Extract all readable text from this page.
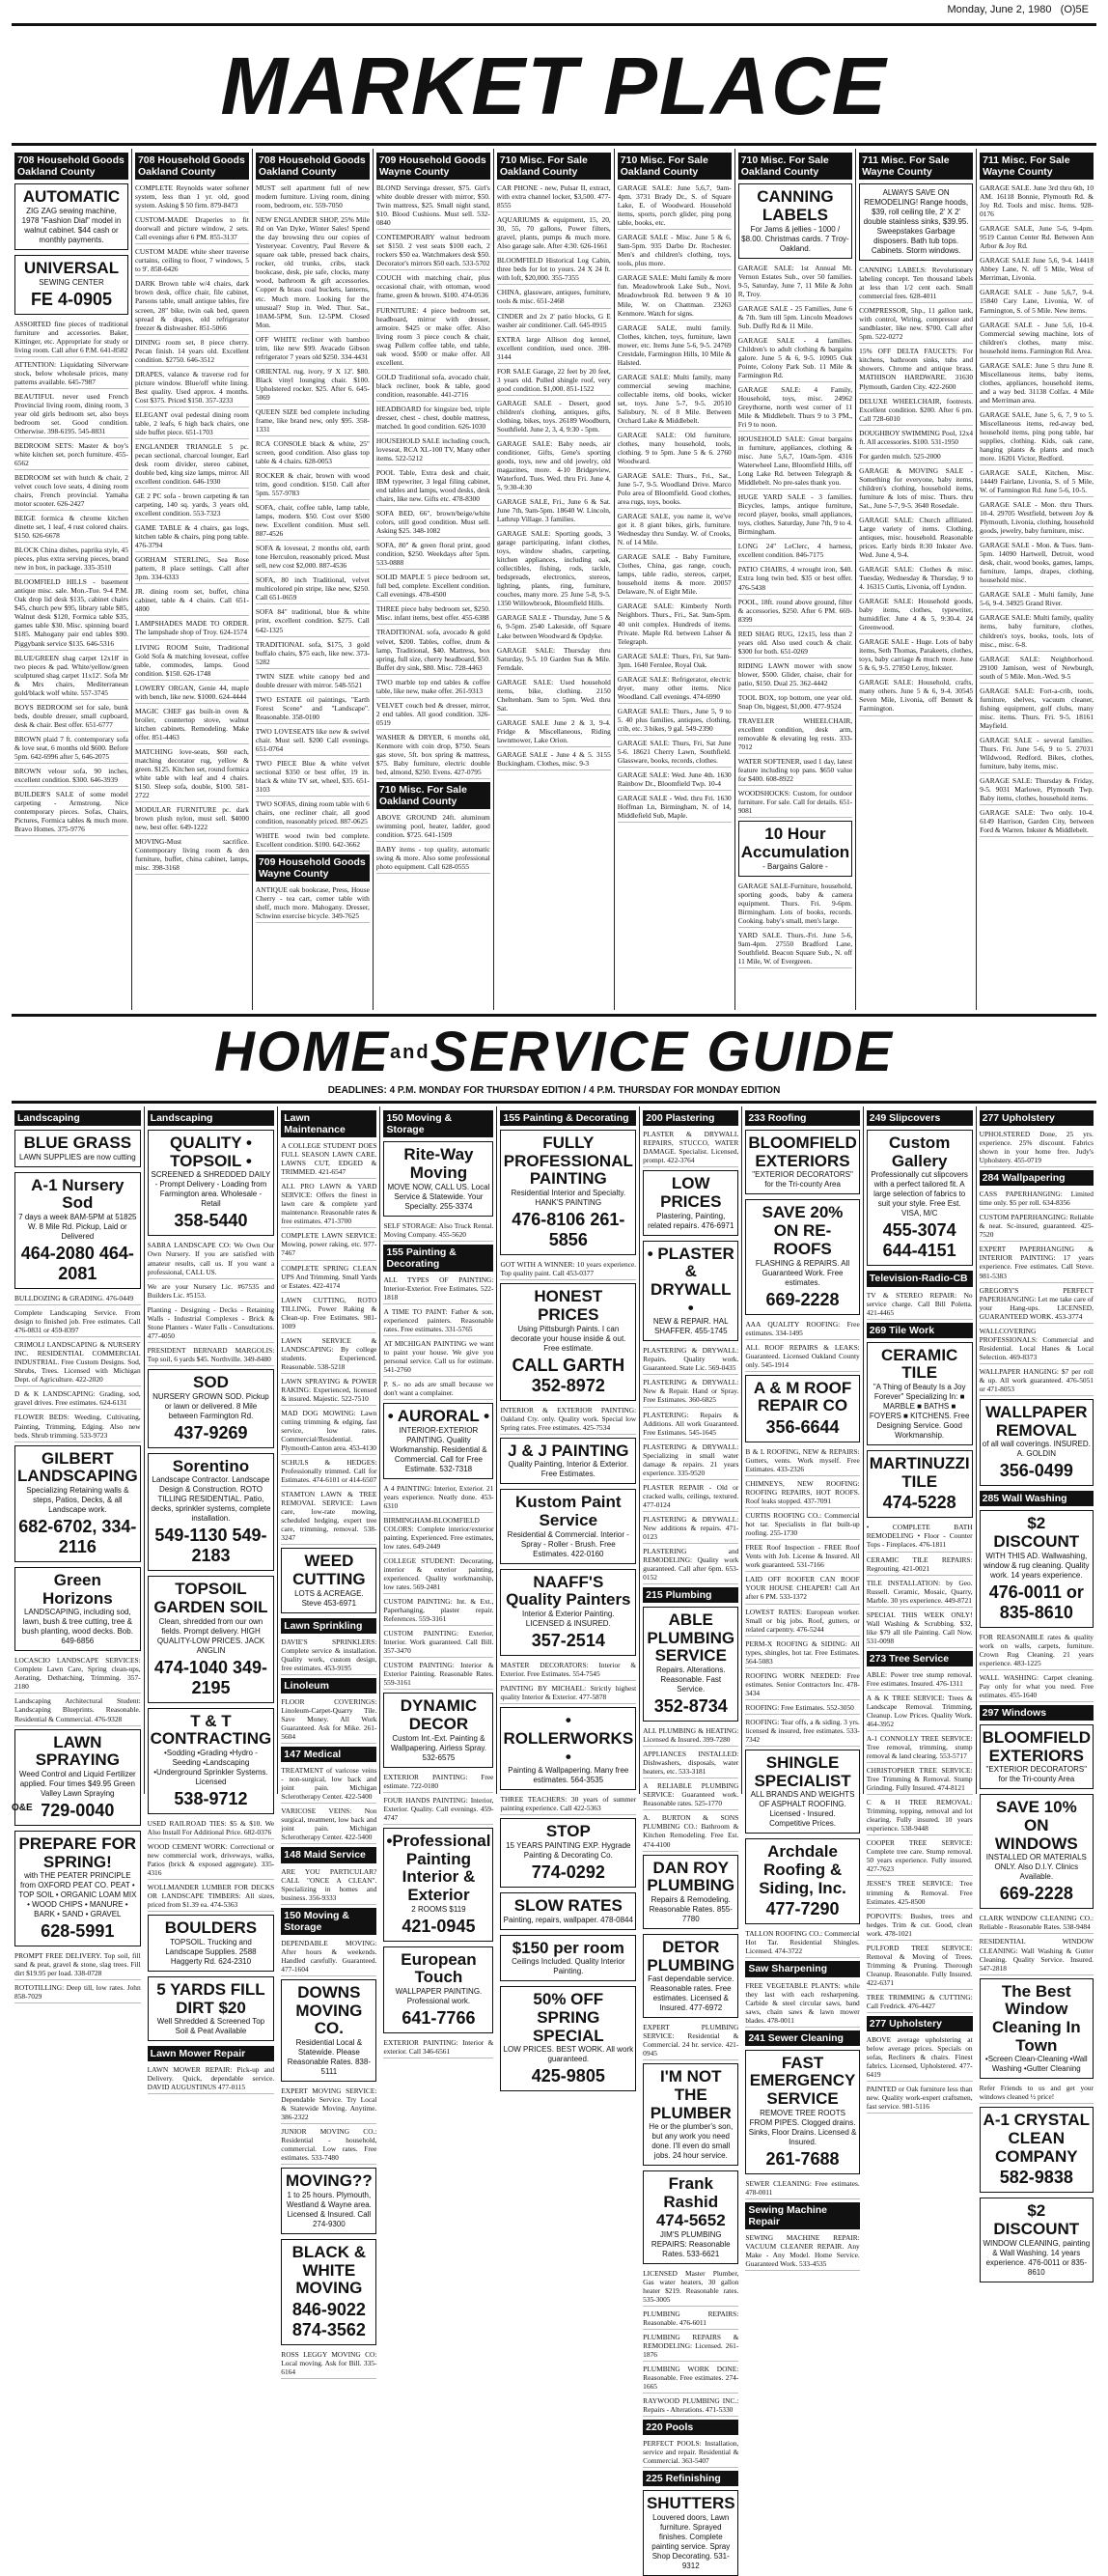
Monday, June 2, 1980 (O)5E
MARKET PLACE
708 Household Goods Oakland County
AUTOMATIC
ZIG ZAG sewing machine, 1978 "Fashion Dial" model in walnut cabinet. $44 cash or monthly payments.
UNIVERSAL
SEWING CENTER
FE 4-0905

ASSORTED fine pieces of traditional furniture and accessories. Baker, Kittinger, etc. Appropriate for study or living room. Call after 6 P.M. 641-8582

ATTENTION: Liquidating Silverware stock, below wholesale prices, many patterns available. 645-7987

BEAUTIFUL never used French Provincial living room, dining room, 3 year old girls bedroom set, also boys bedroom set. Good condition. Otherwise. 398-6195. 545-8831

BEDROOM SETS: Master & boy's white kitchen set, porch furniture. 455-6562

BEDROOM set with hutch & chair, 2 velvet couch love seats, 4 dining room chairs, French provincial. Yamaha motor scooter. 626-2427

BEIGE formica & chrome kitchen dinette set, 1 leaf, 4 rust colored chairs. $150. 626-6678

BLOCK China dishes, paprika style, 45 pieces, plus extra serving pieces, brand new in box, in package. 335-3510

BLOOMFIELD HILLS - basement antique misc. sale. Mon.-Tue. 9-4 P.M. Oak drop lid desk $135, cabinet chairs $45, church pew $95, library table $85, Walnut desk $120, Formica table $35, games table $30. Misc. spinning board $185. Mahogany pair end tables $90. Piggybank service $135. 646-5316

BLUE/GREEN shag carpet 12x18' in two pieces & pad. White/yellow/green sculptured shag carpet 11x12'. Sofa Mr & Mrs chairs, Mediterranean gold/black wolf white. 557-3745

BOYS BEDROOM set for sale, bunk beds, double dresser, small cupboard, desk & chair. Best offer. 651-6777

BROWN plaid 7 ft. contemporary sofa & love seat, 6 months old $600. Before 5pm. 642-6996 after 5, 646-2075

BROWN velour sofa, 90 inches, excellent condition. $300. 646-3939

BUILDER'S SALE of some model carpeting - Armstrong. Nice contemporary pieces. Sofas, Chairs, Pictures, Formica tables & much more. Bravo Homes. 375-9776

708 Household Goods Oakland County

COMPLETE Reynolds water softener system, less than 1 yr. old, good system. Asking $ 50 firm. 879-8473

CUSTOM-MADE Draperies to fit doorwall and picture window, 2 sets. Call evenings after 6 PM. 855-3137

CUSTOM MADE white sheer traverse curtains, ceiling to floor, 7 windows, 5 to 9'. 858-6426

DARK Brown table w/4 chairs, dark brown desk, office chair, file cabinet, Parsons table, small antique tables, fire screen, 28" bike, twin oak bed, queen spread & drapes, old refrigerator freezer & dishwasher. 851-5066

DINING room set, 8 piece cherry. Pecan finish. 14 years old. Excellent condition. $2750. 646-3512

DRAPES, valance & traverse rod for picture window. Blue/off white lining. Best quality. Used approx. 4 months. Cost $375. Priced $150. 357-3233

ELEGANT oval pedestal dining room table, 2 leafs, 6 high back chairs, one side buffet piece. 651-1703

ENGLANDER TRIANGLE 5 pc. pecan sectional, charcoal lounger, Earl desk room divider, stereo cabinet, double bed, king size lamps, mirror. All excellent condition. 646-1930

GE 2 PC sofa - brown carpeting & tan carpeting, 140 sq. yards, 3 years old, excellent condition. 553-7323

GAME TABLE & 4 chairs, gas logs, kitchen table & chairs, ping pong table. 476-3794

GORHAM STERLING, Sea Rose pattern, 8 place settings. Call after 3pm. 334-6333

JR. dining room set, buffet, china cabinet, table & 4 chairs. Call 651-4800

LAMPSHADES MADE TO ORDER. The lampshade shop of Troy. 624-1574

LIVING ROOM Suite, Traditional Gold Sofa & matching loveseat, coffee table, commodes, lamps. Good condition. $150. 626-1748

LOWERY ORGAN, Genie 44, maple with bench, like new. $1000. 624-4444

MAGIC CHEF gas built-in oven & broiler, countertop stove, walnut kitchen cabinets. Remodeling. Make offer. 851-4463

MATCHING love-seats, $60 each, matching decorator rug, yellow & green. $125. Kitchen set, round formica white table with leaf and 4 chairs. $150. Sleep sofa, double, $100. 581-2722

MODULAR FURNITURE pc. dark brown plush nylon, must sell. $4000 new, best offer. 649-1222

MOVING-Must sacrifice. Contemporary living room & den furniture, buffet, china cabinet, lamps, misc. 398-3168

708 Household Goods Oakland County

MUST sell apartment full of new modern furniture. Living room, dining room, bedroom, etc. 559-7050

NEW ENGLANDER SHOP, 25% Mile Rd on Van Dyke, Winter Sales! Spend the day browsing thru our copies of Yesteryear. Coventry, Paul Revere & square oak table, pressed back chairs, rocker, old trunks, cribs, stack bookcase, desk, pie safe, clocks, many wood, bathroom & gift accessories. Copper & brass coal buckets, lanterns, etc. Much more. Looking for the unusual? Stop in. Wed. Thur. Sat., 10AM-5PM, Sun. 12-5PM. Closed Mon.

OFF WHITE recliner with bamboo trim, like new $99. Avacado Gibson refrigerator 7 years old $250. 334-4431

ORIENTAL rug, ivory, 9' X 12'. $80. Black vinyl lounging chair. $100. Upholstered rocker. $25. After 6. 645-5069

QUEEN SIZE bed complete including frame, like brand new, only $95. 358-1331

RCA CONSOLE black & white, 25" screen, good condition. Also glass top table & 4 chairs. 628-0053

ROCKER & chair, brown with wood trim, good condition. $150. Call after 5pm. 557-9783

SOFA, chair, coffee table, lamp table, lamps, modern. $50. Cost over $500 new. Excellent condition. Must sell. 887-4526

SOFA & loveseat, 2 months old, earth tone Herculon, reasonably priced. Must sell, new cost $2,000. 887-4536

SOFA, 80 inch Traditional, velvet multicolored pin stripe, like new, $250. Call 651-0659

SOFA 84" traditional, blue & white print, excellent condition. $275. Call 642-1325

TRADITIONAL sofa, $175, 3 gold buffalo chairs, $75 each, like new. 373-5282

TWIN SIZE white canopy bed and double dresser with mirror. 548-5521

TWO ESTATE oil paintings, "Earth Forest Scene" and "Landscape". Reasonable. 358-0100

TWO LOVESEATS like new & swivel chair. Must sell. $200 Call evenings. 651-0764

TWO PIECE Blue & white velvet sectional $350 or best offer, 19 in. black & white TV set, wheel, $35. 651-3103

TWO SOFAS, dining room table with 6 chairs, one recliner chair, all good condition, reasonably priced. 887-0625

WHITE wood twin bed complete. Excellent condition. $100. 642-3662

709 Household Goods Wayne County

ANTIQUE oak bookcase, Press, House Cherry - tea cart, corner table with shelf, much more. Mahogany. Dresser, Schwinn exercise bicycle. 349-7625

709 Household Goods Wayne County

BLOND Servinga dresser, $75. Girl's white double dresser with mirror, $50. Twin mattress, $25. Small night stand, $10. Blood Cushions. Must sell. 532-0840

CONTEMPORARY walnut bedroom set $150. 2 vest seats $100 each, 2 rockers $50 ea. Watchmakers desk $50. Decorator's mirrors $50 each. 533-5702

COUCH with matching chair, plus occasional chair, with ottoman, wood frame, green & brown. $100. 474-0536

FURNITURE: 4 piece bedroom set, headboard, mirror with dresser, armoire. $425 or make offer. Also living room 3 piece couch & chair, swag Pullem coffee table, end table, oak wood. $500 or make offer. All excellent.

GOLD Traditional sofa, avocado chair, black recliner, book & table, good condition, reasonable. 441-2716

HEADBOARD for kingsize bed, triple dresser, chest - chest, double mattress, matched. In good condition. 626-1030

HOUSEHOLD SALE including couch, loveseat, RCA XL-100 TV, Many other items. 522-5212

POOL Table, Extra desk and chair, IBM typewriter, 3 legal filing cabinet, end tables and lamps, wood desks, desk chairs, like new. Gifts etc. 478-8300

SOFA BED, 66", brown/beige/white colors, still good condition. Must sell. Asking $25. 348-1082

SOFA, 80" & green floral print, good condition, $250. Weekdays after 5pm. 533-0888

SOLID MAPLE 5 piece bedroom set, full bed, complete. Excellent condition. Call evenings. 478-4500

THREE piece baby bedroom set, $250. Misc. infant items, best offer. 455-6388

TRADITIONAL sofa, avocado & gold velvet, $200. Tables, coffee, drum & lamp, Traditional, $40. Mattress, box spring, full size, cherry headboard, $50. Buffet dry sink, $80. Misc. 728-4463

TWO marble top end tables & coffee table, like new, make offer. 261-9313

VELVET couch bed & dresser, mirror, 2 end tables. All good condition. 326-0519

WASHER & DRYER, 6 months old, Kenmore with coin drop, $750. Sears gas stove, 5ft. box spring & mattress, $75. Baby furniture, electric double bed, almond, $250. Evens. 427-0795

710 Misc. For Sale Oakland County

ABOVE GROUND 24ft. aluminum swimming pool, heater, ladder, good condition. $725. 641-1509

BABY items - top quality, automatic swing & more. Also some professional photo equipment. Call 628-0555

710 Misc. For Sale Oakland County

CAR PHONE - new, Pulsar II, extract, with extra channel locker, $3,500. 477-8555

AQUARIUMS & equipment, 15, 20, 30, 55, 70 gallons, Power filters, gravel, plants, pumps & much more. Also garage sale. After 4:30. 626-1661

BLOOMFIELD Historical Log Cabin, three beds for lot to yours. 24 X 24 ft. with loft, $20,000. 355-7355

CHINA, glassware, antiques, furniture, tools & misc. 651-2468

CINDER and 2x 2' patio blocks, G E washer air conditioner. Call. 645-0915

EXTRA large Allison dog kennel, excellent condition, used once. 398-3144

FOR SALE Garage, 22 feet by 20 feet, 3 years old. Pulled shingle roof, very good condition. $1,000. 851-1522

GARAGE SALE - Desert, good children's clothing, antiques, gifts, clothing, bikes, toys. 26189 Woodburn, Southfield. June 2, 3, 4, 9:30 - 5pm.

GARAGE SALE: Baby needs, air conditioner, Gifts, Gene's sporting goods, toys, new and old jewelry, old magazines, more. 4-10 Bridgeview, Waterford. Tues. Wed. thru Fri. June 4, 5, 9:30-4:30

GARAGE SALE, Fri., June 6 & Sat. June 7th, 9am-5pm. 18640 W. Lincoln, Lathrup Village. 3 families.

GARAGE SALE: Sporting goods, 3 garage participating, infant clothes, toys, window shades, carpeting, kitchen appliances, including oak, collectibles, fishing, rods, tackle, bedspreads, electronics, stereos, lighting, plants, ring, furniture, couches, many more. 25 June 5-8, 9-5. 1350 Willowbrook, Bloomfield Hills.

GARAGE SALE - Thursday, June 5 & 6, 9-5pm. 2540 Lakeside, off Square Lake between Woodward & Opdyke.

GARAGE SALE: Thursday thru Saturday, 9-5. 10 Garden Sun & Mile. Ferndale.

GARAGE SALE: Used household items, bike, clothing. 2150 Cheltenham. 9am to 5pm. Wed. thru Sat.

GARAGE SALE June 2 & 3, 9-4. Fridge & Miscellaneous, Riding lawnmower, Lake Orion.

GARAGE SALE - June 4 & 5. 3155 Buckingham. Clothes, misc. 9-3

710 Misc. For Sale Oakland County

GARAGE SALE: June 5,6,7, 9am-4pm. 3731 Brady Dr., S. of Square Lake, E. of Woodward. Household items, sports, porch glider, ping pong table, books, etc.

GARAGE SALE - Misc. June 5 & 6, 9am-5pm. 935 Darbo Dr. Rochester. Men's and children's clothing, toys, tools, plus more.

GARAGE SALE: Multi family & more fun. Meadowbrook Lake Sub., Novi. Meadowbrook Rd. between 9 & 10 Mile, W. on Chattman. 23263 Kenmore. Watch for signs.

GARAGE SALE, multi family. Clothes, kitchen, toys, furniture, lawn mower, etc. Items June 5-6, 9-5. 24769 Crestdale, Farmington Hills, 10 Mile & Halsted.

GARAGE SALE: Multi family, many commercial sewing machine, collectable items, old books, wicker set, toys. June 5-7, 9-5. 20510 Salisbury, N. of 8 Mile. Between Orchard Lake & Middlebelt.

GARAGE SALE: Old furniture, clothes, many household, tools, clothing. 9 to 5pm. June 5 & 6. 2760 Woodward.

GARAGE SALE: Thurs., Fri., Sat., June 5-7, 9-5. Woodland Drive. Marco Polo area of Bloomfield. Good clothes, area rugs, toys, books.

GARAGE SALE, you name it, we've got it. 8 giant bikes, girls, furniture. Wednesday thru Sunday. W. of Crooks, N. of 14 Mile.

GARAGE SALE - Baby Furniture, Clothes, China, gas range, couch, lamps, table radio, stereos, carpet, household items & more. 20057 Delaware, N. of Eight Mile.

GARAGE SALE: Kimberly North Neighbors. Thurs., Fri., Sat. 9am-5pm. 40 unit complex. Hundreds of items. Private. Maple Rd. between Lahser & Telegraph.

GARAGE SALE: Thurs, Fri, Sat 9am-3pm. 1640 Fernlee, Royal Oak.

GARAGE SALE: Refrigerator, electric dryer, many other items. Nice Woodland. Call evenings. 474-6990

GARAGE SALE: Thurs., June 5, 9 to 5. 40 plus families, antiques, clothing, crib, etc. 3 bikes, 9 gal. 549-2390

GARAGE SALE: Thurs, Fri, Sat June 5-6. 18621 Cherry Lawn, Southfield. Glassware, books, records, clothes.

GARAGE SALE: Wed. June 4th. 1630 Rainbow Dr., Bloomfield Twp. 10-4

GARAGE SALE - Wed. thru Fri. 1630 Hoffman Ln, Birmingham, N. of 14, Middlefield Sub, Maple.

710 Misc. For Sale Oakland County
CANNING LABELS
For Jams & jellies - 1000 / $8.00. Christmas cards. 7 Troy-Oakland.

GARAGE SALE: 1st Annual Mt. Vernon Estates Sub., over 50 families. 9-5, Saturday, June 7, 11 Mile & John R, Troy.

GARAGE SALE - 25 Families, June 6 & 7th. 9am till 5pm. Lincoln Meadows Sub. Duffy Rd & 11 Mile.

GARAGE SALE - 4 families. Children's to adult clothing & bargains galore. June 5 & 6, 9-5. 10905 Oak Pointe, Colony Park Sub. 11 Mile & Farmington Rd.

GARAGE SALE: 4 Family, Household, toys, misc. 24962 Greythorne, north west corner of 11 Mile & Middlebelt. Thurs 9 to 3 PM., Fri 9 to noon.

HOUSEHOLD SALE: Great bargains in furniture, appliances, clothing & misc. June 5,6,7, 10am-5pm. 4316 Waterwheel Lane, Bloomfield Hills, off Long Lake Rd. between Telegraph & Middlebelt. No pre-sales thank you.

HUGE YARD SALE - 3 families. Bicycles, lamps, antique furniture, record player, books, small appliances, toys, clothes. Saturday, June 7th, 9 to 4. Birmingham.

LONG 24" LeClerc, 4 harness, excellent condition. 846-7175

PATIO CHAIRS, 4 wrought iron, $40. Extra long twin bed. $35 or best offer. 476-5438

POOL, 18ft. round above ground, filter & accessories, $250. After 6 PM. 669-8399

RED SHAG RUG, 12x15, less than 2 years old. Also used couch & chair. $300 for both. 651-0269

RIDING LAWN mower with snow blower, $500. Glider, chaise, chair for patio, $150. Dual 25. 362-4442

TOOL BOX, top bottom, one year old. Snap On, biggest, $1,000. 477-9524

TRAVELER WHEELCHAIR, excellent condition, desk arm, removable & elevating leg rests. 333-7012

WATER SOFTENER, used 1 day, latest feature including top pans. $650 value for $400. 608-8922

WOODSHOCKS: Custom, for outdoor furniture. For sale. Call for details. 651-9081

10 Hour Accumulation
- Bargains Galore -

GARAGE SALE-Furniture, household, sporting goods, baby & camera equipment. Thurs. Fri. 9-6pm. Birmingham. Lots of books, records. Cooking. baby's small, men's large.

YARD SALE. Thurs.-Fri. June 5-6, 9am-4pm. 27550 Bradford Lane, Southfield. Beacon Square Sub., N. off 11 Mile, W. of Evergreen.

711 Misc. For Sale Wayne County
ALWAYS SAVE ON REMODELING! Range hoods, $39, roll ceiling tile, 2' X 2' double stainless sinks, $39.95. Sweepstakes Garbage disposers. Bath tub tops. Cabinets. Storm windows.

CANNING LABELS: Revolutionary labeling concept. Ten thousand labels at less than 1/2 cent each. Small commercial fees. 628-4011

COMPRESSOR, 5hp., 11 gallon tank, with control, Wiring, compressor and sandblaster, like new. $700. Call after 5pm. 522-0272

15% OFF DELTA FAUCETS: For kitchens, bathroom sinks, tubs and showers. Chrome and antique brass. MATHISON HARDWARE. 31630 Plymouth, Garden City. 422-2600

DELUXE WHEELCHAIR, footrests. Excellent condition. $200. After 6 pm. Call 728-6010

DOUGHBOY SWIMMING Pool, 12x4 ft. All accessories. $100. 531-1950

For garden mulch. 525-2000

GARAGE & MOVING SALE - Something for everyone, baby items, children's clothing, household items, furniture & lots of misc. Thurs. thru Sat., June 5-7, 9-5. 3640 Rosedale.

GARAGE SALE: Church affiliated. Large variety of items. Clothing, antiques, misc. household. Reasonable prices. Early birds 8:30 Inkster Ave. Wed. June 4, 9-4.

GARAGE SALE: Clothes & misc. Tuesday, Wednesday & Thursday, 9 to 4. 16315 Curtis, Livonia, off Lyndon.

GARAGE SALE: Household goods, baby items, clothes, typewriter, humidifier. June 4 & 5, 9:30-4. 24 Greenwood.

GARAGE SALE - Huge. Lots of baby items, Seth Thomas, Parakeets, clothes, toys, baby carriage & much more. June 5 & 6, 9-5. 27850 Leroy, Inkster.

GARAGE SALE: Household, crafts, many others. June 5 & 6, 9-4. 30545 Seven Mile, Livonia, off Bennett & Farmington.

711 Misc. For Sale Wayne County

GARAGE SALE. June 3rd thru 6th, 10 AM. 16118 Bonnie, Plymouth Rd. & Joy Rd. Tools and misc. Items. 928-0176

GARAGE SALE, June 5-6, 9-4pm. 9519 Canton Center Rd. Between Ann Arbor & Joy Rd.

GARAGE SALE June 5,6, 9-4. 14418 Abbey Lane, N. off 5 Mile, West of Merriman, Livonia.

GARAGE SALE - June 5,6,7, 9-4. 15840 Cary Lane, Livonia, W. of Farmington, S. of 5 Mile. New items.

GARAGE SALE - June 5,6, 10-4. Commercial sewing machine, lots of children's clothes, many misc. household items. Farmington Rd. Area.

GARAGE SALE: June 5 thru June 8. Miscellaneous items, baby items, clothes, appliances, household items, and a way bed. 31138 Colfax. 4 Mile and Merriman area.

GARAGE SALE, June 5, 6, 7, 9 to 5. Miscellaneous items, red-away bed, household items, ping pong table, bar supplies, clothing. Kids, oak cane, hanging plants & plants and much more. 16201 Victor, Redford.

GARAGE SALE, Kitchen, Misc. 14449 Fairlane, Livonia, S. of 5 Mile, W. of Farmington Rd. June 5-6, 10-5.

GARAGE SALE - Mon. thru Thurs. 10-4. 29705 Westfield, between Joy & Plymouth, Livonia, clothing, household goods, jewelry, baby furniture, misc.

GARAGE SALE - Mon. & Tues. 9am-5pm. 14090 Hartwell, Detroit, wood desk, chair, wood books, games, lamps, furniture, lamps, drapes, clothing, household misc.

GARAGE SALE - Multi family, June 5-6, 9-4. 34925 Grand River.

GARAGE SALE: Multi family, quality items, baby furniture, clothes, children's toys, books, tools, lots of misc., misc. 6-8.

GARAGE SALE: Neighborhood. 29100 Jamison, west of Newburgh, south of 5 Mile. Mon.-Wed. 9-5

GARAGE SALE: Fort-a-crib, tools, furniture, shelves, vacuum cleaner, fishing equipment, golf clubs, many misc. items. Thurs. Fri. 9-5. 18161 Mayfield.

GARAGE SALE - several families. Thurs. Fri. June 5-6, 9 to 5. 27031 Wildwood, Redford. Bikes, clothes, furniture, baby items, misc.

GARAGE SALE: Thursday & Friday, 9-5. 9031 Marlowe, Plymouth Twp. Baby items, clothes, household items.

GARAGE SALE: Two only. 10-4. 6149 Harrison, Garden City, between Ford & Warren. Inkster & Middlebelt.

$HOME^{and}SERVICE$ GUIDE
DEADLINES: 4 P.M. MONDAY FOR THURSDAY EDITION / 4 P.M. THURSDAY FOR MONDAY EDITION
Landscaping
BLUE GRASS
LAWN SUPPLIES are now cutting
A-1 Nursery Sod
7 days a week 8AM-5PM at 51825 W. 8 Mile Rd. Pickup, Laid or Delivered
464-2080 464-2081

BULLDOZING & GRADING. 476-0449

Complete Landscaping Service. From design to finished job. Free estimates. Call 476-0831 or 459-8397

CRIMOLI LANDSCAPING & NURSERY INC. RESIDENTIAL COMMERCIAL INDUSTRIAL. Free Custom Designs. Sod, Shrubs, Trees. Licensed with Michigan Dept. of Agriculture. 422-2020

D & K LANDSCAPING: Grading, sod, gravel drives. Free estimates. 624-6131

FLOWER BEDS: Weeding, Cultivating, Painting, Trimming, Edging. Also new beds. Shrub trimming. 533-9723

GILBERT LANDSCAPING
Specializing Retaining walls & steps, Patios, Decks, & all Landscape work.
682-6702, 334-2116
Green Horizons
LANDSCAPING, including sod, lawn, bush & tree cutting, tree & bush planting, wood decks. Bob. 649-6856

LOCASCIO LANDSCAPE SERVICES: Complete Lawn Care, Spring clean-ups, Aerating, Dethatching, Trimming. 357-2180

Landscaping Architectural Student: Landscaping Blueprints. Reasonable. Residential & Commercial. 476-9328

LAWN SPRAYING
Weed Control and Liquid Fertilizer applied. Four times $49.95 Green Valley Lawn Spraying
729-0040
PREPARE FOR SPRING!
with THE PEATER PRINCIPLE from OXFORD PEAT CO. PEAT • TOP SOIL • ORGANIC LOAM MIX • WOOD CHIPS • MANURE • BARK • SAND • GRAVEL
628-5991

PROMPT FREE DELIVERY. Top soil, fill sand & peat, gravel & stone, slag trees. Fill dirt $19.95 per load. 338-0728

ROTOTILLING: Deep till, low rates. John 858-7029

Landscaping
QUALITY • TOPSOIL •
SCREENED & SHREDDED DAILY - Prompt Delivery - Loading from Farmington area. Wholesale - Retail
358-5440

SABRA LANDSCAPE CO: We Own Our Own Nursery. If you are satisfied with amateur results, call us. If you want a professional, CALL US.

We are your Nursery Lic. #67535 and Builders Lic. #5153.

Planting - Designing - Decks - Retaining Walls - Industrial Complexes - Brick & Stone Planters - Water Falls - Consultations. 477-4050

PRESIDENT BERNARD MARGOLIS: Top soil, 6 yards $45. Northville. 349-8480

SOD
NURSERY GROWN SOD. Pickup or lawn or delivered. 8 Mile between Farmington Rd.
437-9269
Sorentino
Landscape Contractor. Landscape Design & Construction. ROTO TILLING RESIDENTIAL. Patio, decks, sprinkler systems, complete installation.
549-1130 549-2183
TOPSOIL GARDEN SOIL
Clean, shredded from our own fields. Prompt delivery. HIGH QUALITY-LOW PRICES. JACK ANGLIN
474-1040 349-2195
T & T CONTRACTING
•Sodding •Grading •Hydro - Seeding •Landscaping •Underground Sprinkler Systems. Licensed
538-9712

USED RAILROAD TIES: $5 & $10. We Also Install For Additional Price. 682-0376

WOOD CEMENT WORK: Correctional or new commercial work, driveways, walks, Patios (brick & exposed aggregate). 335-4316

WOLLMANDER LUMBER FOR DECKS OR LANDSCAPE TIMBERS: All sizes, priced from $1.39 ea. 474-5363

BOULDERS
TOPSOIL. Trucking and Landscape Supplies. 2588 Haggerty Rd. 624-2310
5 YARDS FILL DIRT $20
Well Shredded & Screened Top Soil & Peat Available
Lawn Mower Repair

LAWN MOWER REPAIR: Pick-up and Delivery. Quick, dependable service. DAVID AUGUSTINUS 477-0115

Lawn Maintenance

A COLLEGE STUDENT DOES FULL SEASON LAWN CARE. LAWNS CUT, EDGED & TRIMMED. 421-6547

ALL PRO LAWN & YARD SERVICE: Offers the finest in lawn care & complete yard maintenance. Reasonable rates & free estimates. 471-3700

COMPLETE LAWN SERVICE: Mowing, power raking, etc. 977-7467

COMPLETE SPRING CLEAN UPS And Trimming. Small Yards or Estates. 422-4174

LAWN CUTTING, ROTO TILLING, Power Raking & Clean-up. Free Estimates. 981-1009

LAWN SERVICE & LANDSCAPING: By college students. Experienced. Reasonable. 538-5218

LAWN SPRAYING & POWER RAKING: Experienced, licensed & insured. Majestic. 522-7510

MAD DOG MOWING: Lawn cutting trimming & edging, fast service, low rates. Commercial/Residential. Plymouth-Canton area. 453-4130

SCHULS & HEDGES: Professionally trimmed. Call for Estimates. 474-6101 or 414-6507

STAMTON LAWN & TREE REMOVAL SERVICE: Lawn care, low-rate mowing, scheduled hedging, expert tree care, trimming, removal. 538-3247

WEED CUTTING
LOTS & ACREAGE. Steve 453-6971
Lawn Sprinkling

DAVIE'S SPRINKLERS: Complete service & installation. Quality work, custom design, free estimates. 453-9195

Linoleum

FLOOR COVERINGS: Linoleum-Carpet-Quarry Tile. Save Money. All Work Guaranteed. Ask for Mike. 261-5604

147 Medical

TREATMENT of varicose veins - non-surgical, low back and joint pain. Michigan Sclerotherapy Center. 422-5400

VARICOSE VEINS: Non surgical, treatment, low back and joint pain. Michigan Sclerotherapy Center. 422-5400

148 Maid Service

ARE YOU PARTICULAR? CALL "ONCE A CLEAN". Specializing in homes and business. 356-9333

150 Moving & Storage

DEPENDABLE MOVING: After hours & weekends. Handled carefully. Guaranteed. 477-1604

DOWNS MOVING CO.
Residential Local & Statewide. Please Reasonable Rates. 838-5111

EXPERT MOVING SERVICE: Dependable Service. Try Local & Statewide Moving. Anytime. 386-2322

JUNIOR MOVING CO.: Residential - household, commercial. Low rates. Free estimates. 533-7480

MOVING??
1 to 25 hours. Plymouth, Westland & Wayne area. Licensed & Insured. Call 274-9300
BLACK & WHITE MOVING
846-9022 874-3562

ROSS LEGGY MOVING CO: Local moving. Ask for Bill. 335-6164

150 Moving & Storage
Rite-Way Moving
MOVE NOW, CALL US. Local Service & Statewide. Your Specialty. 255-3374

SELF STORAGE: Also Truck Rental. Moving Company. 455-5620

155 Painting & Decorating

ALL TYPES OF PAINTING: Interior-Exterior. Free Estimates. 522-1818

A TIME TO PAINT: Father & son, experienced painters. Reasonable rates. Free estimates. 331-5765

AT MICHIGAN PAINTING we want to paint your house. We give you personal service. Call us for estimate. 541-2760

P. S.- no ads are small because we don't want a complainer.

• AURORAL •
INTERIOR-EXTERIOR PAINTING. Quality Workmanship. Residential & Commercial. Call for Free Estimate. 532-7318

A 4 PAINTING: Interior, Exterior. 21 years experience. Neatly done. 453-6310

BIRMINGHAM-BLOOMFIELD COLORS: Complete interior/exterior painting. Experienced. Free estimates, low rates. 649-2449

COLLEGE STUDENT: Decorating, interior & exterior painting, experienced. Quality workmanship, low rates. 569-2481

CUSTOM PAINTING: Int. & Ext., Paperhanging, plaster repair. References. 559-3161

CUSTOM PAINTING: Exterior, Interior. Work guaranteed. Call Bill. 357-3470

CUSTOM PAINTING: Interior & Exterior Painting. Reasonable Rates. 559-3161

DYNAMIC DECOR
Custom Int.-Ext. Painting & Wallpapering. Airless Spray. 532-6575

EXTERIOR PAINTING: Free estimate. 722-0180

FOUR HANDS PAINTING: Interior, Exterior. Quality. Call evenings. 459-4747

•Professional Painting Interior & Exterior
2 ROOMS $119
421-0945
European Touch
WALLPAPER PAINTING. Professional work.
641-7766

EXTERIOR PAINTING: Interior & exterior. Call 346-6561

155 Painting & Decorating
FULLY PROFESSIONAL PAINTING
Residential Interior and Specialty. HANK'S PAINTING
476-8106 261-5856

GOT WITH A WINNER: 10 years experience. Top quality paint. Call 453-0377

HONEST PRICES
Using Pittsburgh Paints. I can decorate your house inside & out. Free estimate.
CALL GARTH 352-8972

INTERIOR & EXTERIOR PAINTING: Oakland Cty. only. Quality work. Special low Spring rates. Free estimates. 425-7534

J & J PAINTING
Quality Painting, Interior & Exterior. Free Estimates.
Kustom Paint Service
Residential & Commercial. Interior - Spray - Roller - Brush. Free Estimates. 422-0160
NAAFF'S Quality Painters
Interior & Exterior Painting. LICENSED & INSURED.
357-2514

MASTER DECORATORS: Interior & Exterior. Free Estimates. 554-7545

PAINTING BY MICHAEL: Strictly highest quality Interior & Exterior. 477-5878

• ROLLERWORKS •
Painting & Wallpapering. Many free estimates. 564-3535

THREE TEACHERS: 30 years of summer painting experience. Call 422-5363

STOP
15 YEARS PAINTING EXP. Hygrade Painting & Decorating Co.
774-0292
SLOW RATES
Painting, repairs, wallpaper. 478-0844
$150 per room
Ceilings Included. Quality Interior Painting.
50% OFF SPRING SPECIAL
LOW PRICES. BEST WORK. All work guaranteed.
425-9805
200 Plastering

PLASTER & DRYWALL REPAIRS, STUCCO, WATER DAMAGE. Specialist. Licensed, prompt. 422-3764

LOW PRICES
Plastering, Painting, related repairs. 476-6971
• PLASTER & DRYWALL •
NEW & REPAIR. HAL SHAFFER. 455-1745

PLASTERING & DRYWALL: Repairs. Quality work. Guaranteed. State Lic. 569-0435

PLASTERING & DRYWALL: New & Repair. Hand or Spray. Free Estimates. 360-6825

PLASTERING: Repairs & Additions. All work Guaranteed. Free Estimates. 545-1645

PLASTERING & DRYWALL: Specializing in small water damage & repairs. 21 years experience. 335-9520

PLASTER REPAIR - Old or cracked walls, ceilings, textured. 477-0124

PLASTERING & DRYWALL: New additions & repairs. 471-0123

PLASTERING and REMODELING: Quality work guaranteed. Call after 6pm. 653-0152

215 Plumbing
ABLE PLUMBING SERVICE
Repairs. Alterations. Reasonable. Fast Service.
352-8734

ALL PLUMBING & HEATING: Licensed & Insured. 399-7280

APPLIANCES INSTALLED: Dishwashers, disposals, water heaters, etc. 533-3181

A RELIABLE PLUMBING SERVICE: Guaranteed work. Reasonable rates. 525-1770

A. BURTON & SONS PLUMBING CO.: Bathroom & Kitchen Remodeling. Free Est. 474-4100

DAN ROY PLUMBING
Repairs & Remodeling. Reasonable Rates. 855-7780
DETOR PLUMBING
Fast dependable service. Reasonable rates. Free estimates. Licensed & Insured. 477-6972

EXPERT PLUMBING SERVICE: Residential & Commercial. 24 hr. service. 421-0945

I'M NOT THE PLUMBER
He or the plumber's son, but any work you need done. I'll even do small jobs. 24 hour service.
Frank Rashid 474-5652
JIM'S PLUMBING REPAIRS: Reasonable Rates. 533-6621

LICENSED Master Plumber, Gas water heaters, 30 gallon heater $219. Reasonable rates. 535-3005

PLUMBING REPAIRS: Reasonable. 476-6011

PLUMBING REPAIRS & REMODELING: Licensed. 261-1876

PLUMBING WORK DONE: Reasonable. Free estimates. 274-1665

RAYWOOD PLUMBING INC.: Repairs - Alterations. 471-5330

220 Pools

PERFECT POOLS: Installation, service and repair. Residential & Commercial. 363-5407

225 Refinishing
SHUTTERS
Louvered doors, Lawn furniture. Sprayed finishes. Complete painting service. Spray Shop Decorating. 531-9312
233 Roofing
BLOOMFIELD EXTERIORS
"EXTERIOR DECORATORS" for the Tri-county Area
SAVE 20% ON RE-ROOFS
FLASHING & REPAIRS. All Guaranteed Work. Free estimates.
669-2228

AAA QUALITY ROOFING: Free estimates. 334-1495

ALL ROOF REPAIRS & LEAKS: Guaranteed. Licensed Oakland County only. 545-1914

A & M ROOF REPAIR CO
356-6644

B & L ROOFING, NEW & REPAIRS: Gutters, vents. Work myself. Free Estimates. 433-2326

CHIMNEYS, NEW ROOFING: ROOFING REPAIRS, HOT ROOFS. Roof leaks stopped. 437-7091

CURTIS ROOFING CO.: Commercial hot tar. Specialists in flat built-up roofing. 255-1730

FREE Roof Inspection - FREE Roof Vents with Job. License & Insured. All work guaranteed. 531-7166

LAID OFF ROOFER CAN ROOF YOUR HOUSE CHEAPER! Call Art after 6 PM. 533-1372

LOWEST RATES: European worker. Small or big jobs. Roof, gutters, or related carpentry. 476-5244

PERM-X ROOFING & SIDING: All types, shingles, hot tar. Free Estimates. 564-5083

ROOFING WORK NEEDED: Free estimates. Senior Contractors Inc. 478-3434

ROOFING: Free Estimates. 552-3050

ROOFING: Tear offs, a & siding. 3 yrs. licensed & insured, free estimates. 533-7342

SHINGLE SPECIALIST
ALL BRANDS AND WEIGHTS OF ASPHALT ROOFING. Licensed - Insured. Competitive Prices.
Archdale Roofing & Siding, Inc.
477-7290

TALLON ROOFING CO.: Commercial Hot Tar. Residential Shingles. Licensed. 474-3722

Saw Sharpening

FREE VEGETABLE PLANTS: while they last with each resharpening. Carbide & steel circular saws, band saws, chain saws & lawn mower blades. 478-0011

241 Sewer Cleaning
FAST EMERGENCY SERVICE
REMOVE TREE ROOTS FROM PIPES. Clogged drains. Sinks, Floor Drains. Licensed & Insured.
261-7688

SEWER CLEANING: Free estimates. 478-0011

Sewing Machine Repair

SEWING MACHINE REPAIR: VACUUM CLEANER REPAIR. Any Make - Any Model. Home Service. Guaranteed Work. 533-4535

249 Slipcovers
Custom Gallery
Professionally cut slipcovers with a perfect tailored fit. A large selection of fabrics to suit your style. Free Est. VISA, M/C
455-3074 644-4151
Television-Radio-CB

TV & STEREO REPAIR: No service charge. Call Bill Poletta. 421-4465

269 Tile Work
CERAMIC TILE
"A Thing of Beauty Is a Joy Forever" Specializing In: ■ MARBLE ■ BATHS ■ FOYERS ■ KITCHENS. Free Designing Service. Good Workmanship.
MARTINUZZI TILE
474-5228

• COMPLETE BATH REMODELING • Floor - Counter Tops - Fireplaces. 476-1811

CERAMIC TILE REPAIRS: Regrouting. 421-0021

TILE INSTALLATION: by Geo. Russell. Ceramic, Mosaic, Quarry, Marble. 30 yrs experience. 449-8721

SPECIAL THIS WEEK ONLY! Wall Washing & Scrubbing. $32, like $79 all tile Painting. Call Now. 531-0098

273 Tree Service

ABLE: Power tree stump removal. Free estimates. Insured. 476-1311

A & K TREE SERVICE: Trees & Landscape Removal. Trimming, Cleanup. Low Prices. Quality Work. 464-3952

A-1 CONNOLLY TREE SERVICE: Tree removal, trimming, stump removal & land clearing. 553-5717

CHRISTOPHER TREE SERVICE: Tree Trimming & Removal. Stump Grinding. Fully Insured. 474-8121

C & H TREE REMOVAL: Trimming, topping, removal and lot clearing. Fully insured. 10 years experience. 538-9448

COOPER TREE SERVICE: Complete tree care. Stump removal. 50 years experience. Fully insured. 427-7623

JESSE'S TREE SERVICE: Tree trimming & Removal. Free Estimates. 425-8500

POPOVITS: Bushes, trees and hedges. Trim & cut. Good, clean work. 478-1021

PULFORD TREE SERVICE: Removal & Moving of Trees. Trimming & Pruning. Thorough Cleanup. Reasonable. Fully Insured. 422-6371

TREE TRIMMING & CUTTING: Call Fredrick. 476-4427

277 Upholstery

ABOVE average upholstering at below average prices. Specials on sofas, Recliners & chairs. Finest fabrics. Licensed, Upholstered. 477-6419

PAINTED or Oak furniture less than new. Quality work-expert craftsmen, fast service. 981-5116

277 Upholstery

UPHOLSTERED Done, 25 yrs. experience. 25% discount. Fabrics shown in your home free. Judy's Upholstery. 455-0719

284 Wallpapering

CASS PAPERHANGING: Limited time only. $5 per roll. 634-8356

CUSTOM PAPERHANGING: Reliable & neat. Sc-insured, guaranteed. 425-7520

EXPERT PAPERHANGING & INTERIOR PAINTING: 17 years experience. Free estimates. Call Steve. 981-5383

GREGORY'S PERFECT PAPERHANGING: Let me take care of your Hang-ups. LICENSED, GUARANTEED WORK. 453-3774

WALLCOVERING PROFESSIONALS: Commercial and Residential. Local Hanes & Local Selection. 469-8373

WALLPAPER HANGING: $7 per roll & up. All work guaranteed. 476-5051 or 471-8053

WALLPAPER REMOVAL
of all wall coverings. INSURED. A. GOLDIN
356-0499
285 Wall Washing
$2 DISCOUNT
WITH THIS AD. Wallwashing, window & rug cleaning. Quality work. 14 years experience.
476-0011 or 835-8610

FOR REASONABLE rates & quality work on walls, carpets, furniture. Crown Rug Cleaning. 21 years experience. 483-1225

WALL WASHING: Carpet cleaning. Pay only for what you need. Free estimates. 455-1640

297 Windows
BLOOMFIELD EXTERIORS
"EXTERIOR DECORATORS" for the Tri-county Area
SAVE 10% ON WINDOWS
INSTALLED OR MATERIALS ONLY. Also D.I.Y. Clinics Available.
669-2228

CLARK WINDOW CLEANING CO.: Reliable - Reasonable Rates. 538-9484

RESIDENTIAL WINDOW CLEANING: Wall Washing & Gutter Cleaning. Quality Service. Insured. 547-2818

The Best Window Cleaning In Town
•Screen Clean-Cleaning •Wall Washing •Gutter Cleaning

Refer Friends to us and get your windows cleaned ½ price!

A-1 CRYSTAL CLEAN COMPANY
582-9838
$2 DISCOUNT
WINDOW CLEANING, painting & Wall Washing. 14 years experience. 476-0011 or 835-8610
O&E
